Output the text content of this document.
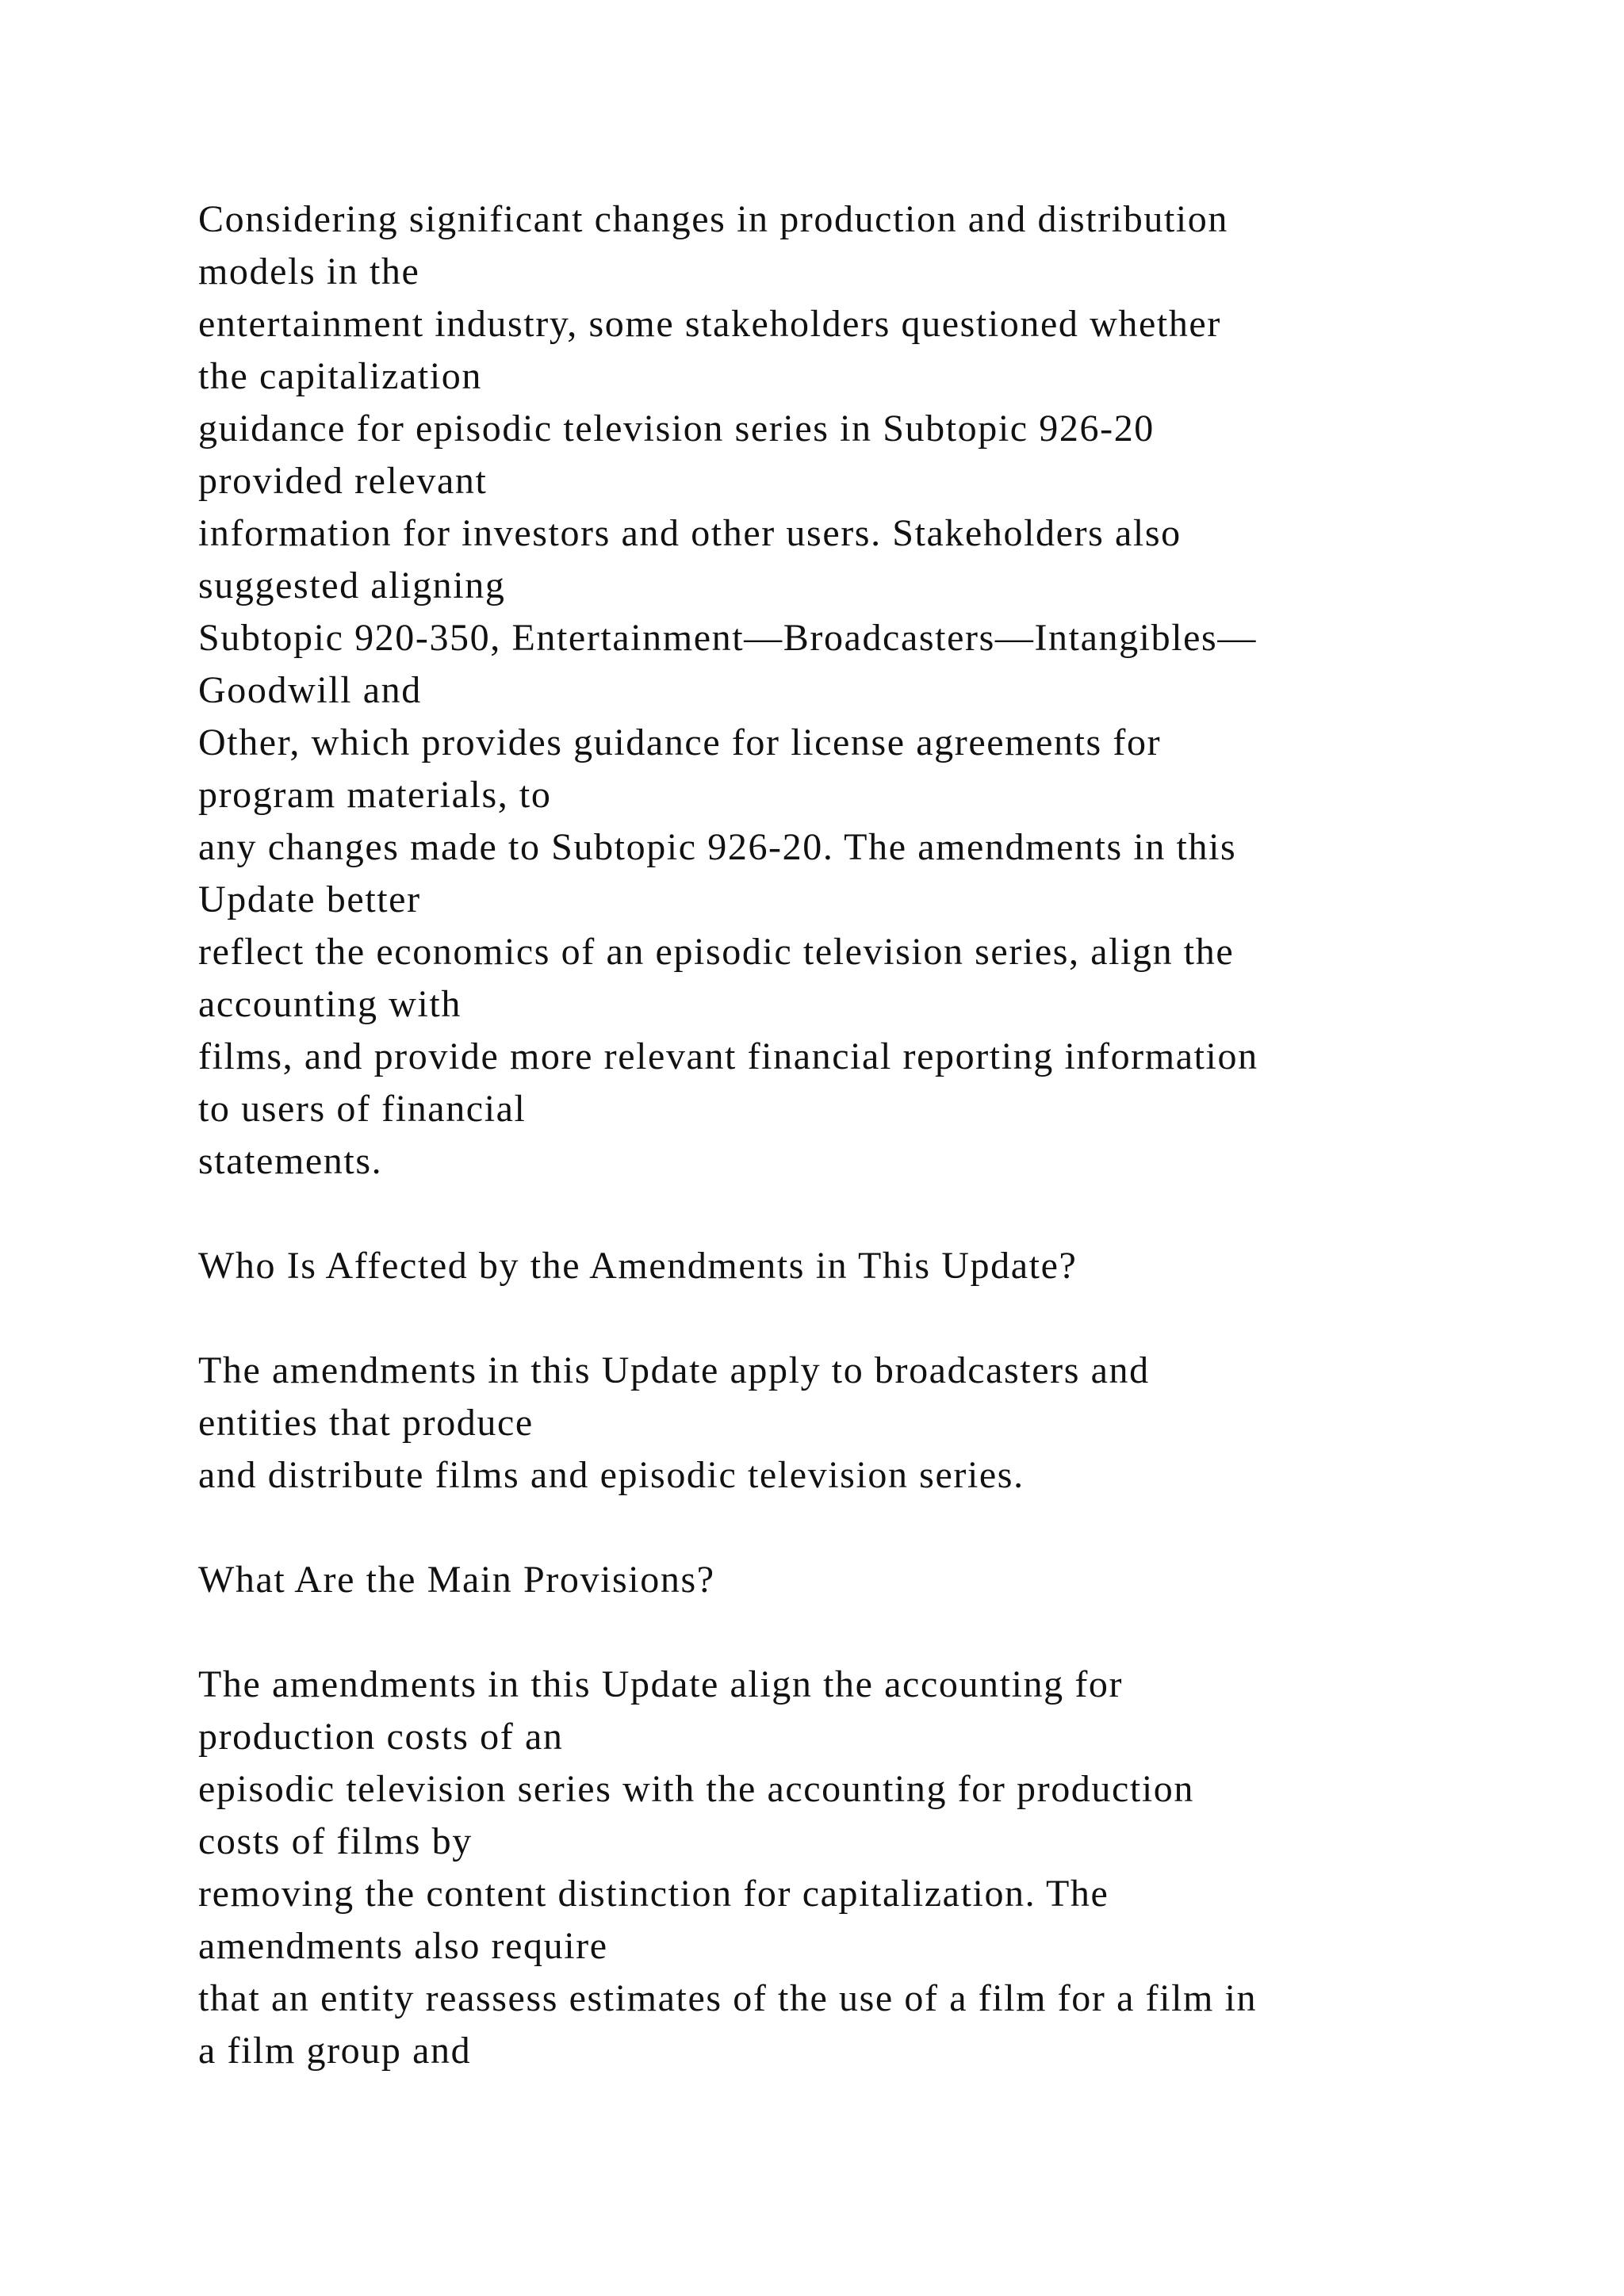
Considering significant changes in production and distribution
models in the
entertainment industry, some stakeholders questioned whether
the capitalization
guidance for episodic television series in Subtopic 926-20
provided relevant
information for investors and other users. Stakeholders also
suggested aligning
Subtopic 920-350, Entertainment—Broadcasters—Intangibles—
Goodwill and
Other, which provides guidance for license agreements for
program materials, to
any changes made to Subtopic 926-20. The amendments in this
Update better
reflect the economics of an episodic television series, align the
accounting with
films, and provide more relevant financial reporting information
to users of financial
statements.
Who Is Affected by the Amendments in This Update?
The amendments in this Update apply to broadcasters and
entities that produce
and distribute films and episodic television series.
What Are the Main Provisions?
The amendments in this Update align the accounting for
production costs of an
episodic television series with the accounting for production
costs of films by
removing the content distinction for capitalization. The
amendments also require
that an entity reassess estimates of the use of a film for a film in
a film group and
